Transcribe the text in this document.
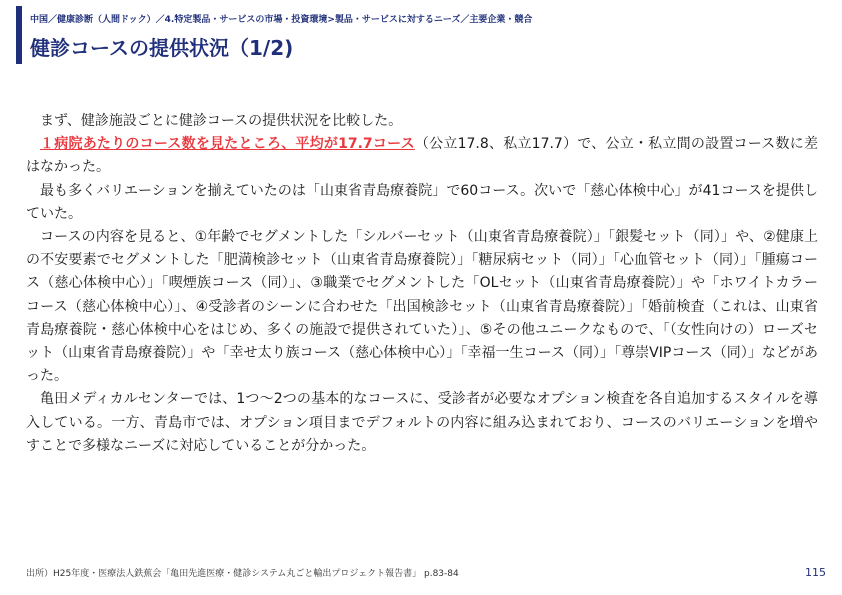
中国／健康診断（人間ドック）／4.特定製品・サービスの市場・投資環境>製品・サービスに対するニーズ／主要企業・競合
健診コースの提供状況（1/2)

まず、健診施設ごとに健診コースの提供状況を比較した。

１病院あたりのコース数を見たところ、平均が17.7コース（公立17.8、私立17.7）で、公立・私立間の設置コース数に差はなかった。

最も多くバリエーションを揃えていたのは「山東省青島療養院」で60コース。次いで「慈心体検中心」が41コースを提供していた。

コースの内容を見ると、①年齢でセグメントした「シルバーセット（山東省青島療養院）」「銀髪セット（同）」や、②健康上の不安要素でセグメントした「肥満検診セット（山東省青島療養院）」「糖尿病セット（同）」「心血管セット（同）」「腫瘍コース（慈心体検中心）」「喫煙族コース（同）」、③職業でセグメントした「OLセット（山東省青島療養院）」や「ホワイトカラーコース（慈心体検中心）」、④受診者のシーンに合わせた「出国検診セット（山東省青島療養院）」「婚前検査（これは、山東省青島療養院・慈心体検中心をはじめ、多くの施設で提供されていた）」、⑤その他ユニークなもので、「（女性向けの）ローズセット（山東省青島療養院）」や「幸せ太り族コース（慈心体検中心）」「幸福一生コース（同）」「尊崇VIPコース（同）」などがあった。

亀田メディカルセンターでは、1つ～2つの基本的なコースに、受診者が必要なオプション検査を各自追加するスタイルを導入している。一方、青島市では、オプション項目までデフォルトの内容に組み込まれており、コースのバリエーションを増やすことで多様なニーズに対応していることが分かった。

出所）H25年度・医療法人鉄蕉会「亀田先進医療・健診システム丸ごと輸出プロジェクト報告書」 p.83-84	115
